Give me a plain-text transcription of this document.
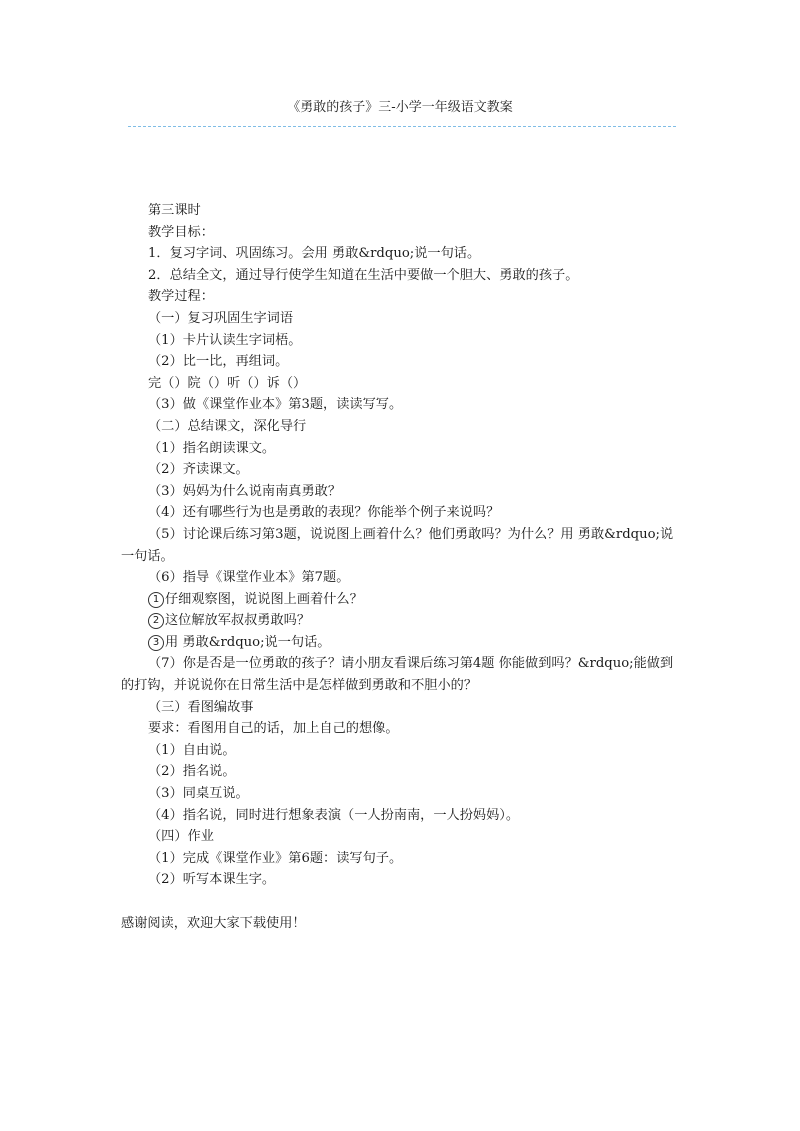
《勇敢的孩子》三-小学一年级语文教案
第三课时
教学目标：
1．复习字词、巩固练习。会用 勇敢&rdquo;说一句话。
2．总结全文，通过导行使学生知道在生活中要做一个胆大、勇敢的孩子。
教学过程：
（一）复习巩固生字词语
（1）卡片认读生字词梧。
（2）比一比，再组词。
完（）院（）听（）诉（）
（3）做《课堂作业本》第3题，读读写写。
（二）总结课文，深化导行
（1）指名朗读课文。
（2）齐读课文。
（3）妈妈为什么说南南真勇敢？
（4）还有哪些行为也是勇敢的表现？你能举个例子来说吗？
（5）讨论课后练习第3题，说说图上画着什么？他们勇敢吗？为什么？用 勇敢&rdquo;说一句话。
（6）指导《课堂作业本》第7题。
1 仔细观察图，说说图上画着什么？
2 这位解放军叔叔勇敢吗？
3 用 勇敢&rdquo;说一句话。
（7）你是否是一位勇敢的孩子？请小朋友看课后练习第4题 你能做到吗？&rdquo;能做到的打钩，并说说你在日常生活中是怎样做到勇敢和不胆小的？
（三）看图编故事
要求：看图用自己的话，加上自己的想像。
（1）自由说。
（2）指名说。
（3）同桌互说。
（4）指名说，同时进行想象表演（一人扮南南，一人扮妈妈）。
（四）作业
（1）完成《课堂作业》第6题：读写句子。
（2）听写本课生字。
感谢阅读，欢迎大家下载使用！
